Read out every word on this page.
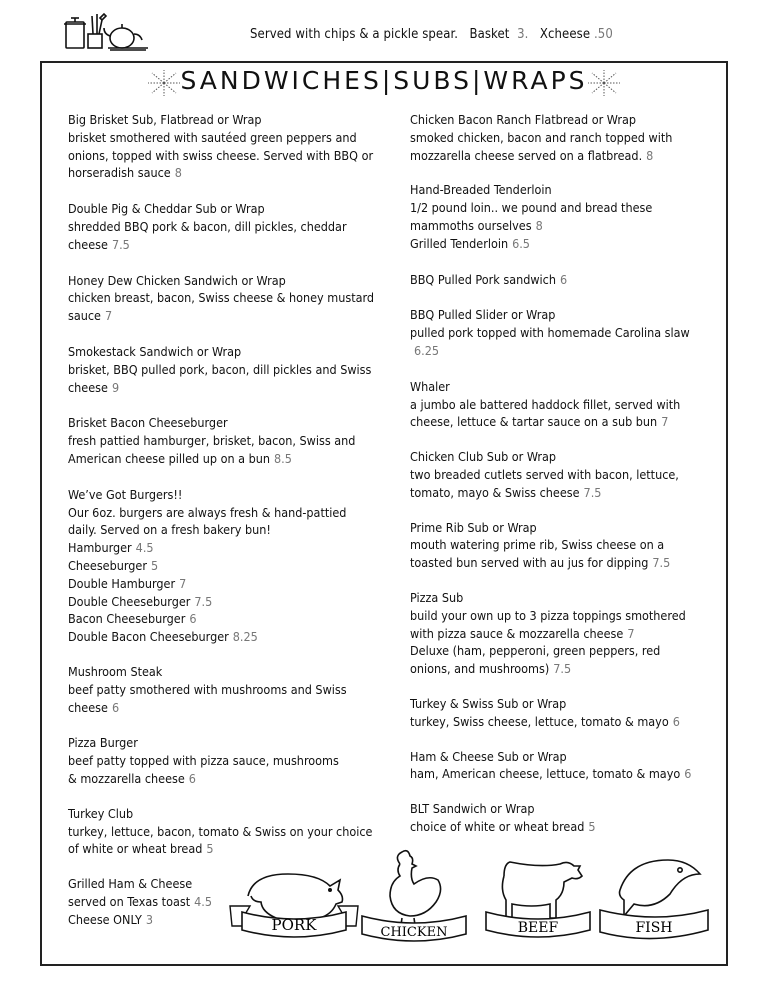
Served with chips & a pickle spear. Basket 3. Xcheese .50
SANDWICHES|SUBS|WRAPS
Big Brisket Sub, Flatbread or Wrap
brisket smothered with sautéed green peppers and
onions, topped with swiss cheese. Served with BBQ or
horseradish sauce 8
Double Pig & Cheddar Sub or Wrap
shredded BBQ pork & bacon, dill pickles, cheddar
cheese 7.5
Honey Dew Chicken Sandwich or Wrap
chicken breast, bacon, Swiss cheese & honey mustard
sauce 7
Smokestack Sandwich or Wrap
brisket, BBQ pulled pork, bacon, dill pickles and Swiss
cheese 9
Brisket Bacon Cheeseburger
fresh pattied hamburger, brisket, bacon, Swiss and
American cheese pilled up on a bun 8.5
We’ve Got Burgers!!
Our 6oz. burgers are always fresh & hand-pattied
daily. Served on a fresh bakery bun!
Hamburger 4.5
Cheeseburger 5
Double Hamburger 7
Double Cheeseburger 7.5
Bacon Cheeseburger 6
Double Bacon Cheeseburger 8.25
Mushroom Steak
beef patty smothered with mushrooms and Swiss
cheese 6
Pizza Burger
beef patty topped with pizza sauce, mushrooms
& mozzarella cheese 6
Turkey Club
turkey, lettuce, bacon, tomato & Swiss on your choice
of white or wheat bread 5
Grilled Ham & Cheese
served on Texas toast 4.5
Cheese ONLY 3
Chicken Bacon Ranch Flatbread or Wrap
smoked chicken, bacon and ranch topped with
mozzarella cheese served on a flatbread. 8
Hand-Breaded Tenderloin
1/2 pound loin.. we pound and bread these
mammoths ourselves 8
Grilled Tenderloin 6.5
BBQ Pulled Pork sandwich 6
BBQ Pulled Slider or Wrap
pulled pork topped with homemade Carolina slaw
6.25
Whaler
a jumbo ale battered haddock fillet, served with
cheese, lettuce & tartar sauce on a sub bun 7
Chicken Club Sub or Wrap
two breaded cutlets served with bacon, lettuce,
tomato, mayo & Swiss cheese 7.5
Prime Rib Sub or Wrap
mouth watering prime rib, Swiss cheese on a
toasted bun served with au jus for dipping 7.5
Pizza Sub
build your own up to 3 pizza toppings smothered
with pizza sauce & mozzarella cheese 7
Deluxe (ham, pepperoni, green peppers, red
onions, and mushrooms) 7.5
Turkey & Swiss Sub or Wrap
turkey, Swiss cheese, lettuce, tomato & mayo 6
Ham & Cheese Sub or Wrap
ham, American cheese, lettuce, tomato & mayo 6
BLT Sandwich or Wrap
choice of white or wheat bread 5
PORK	CHICKEN	BEEF	FISH
